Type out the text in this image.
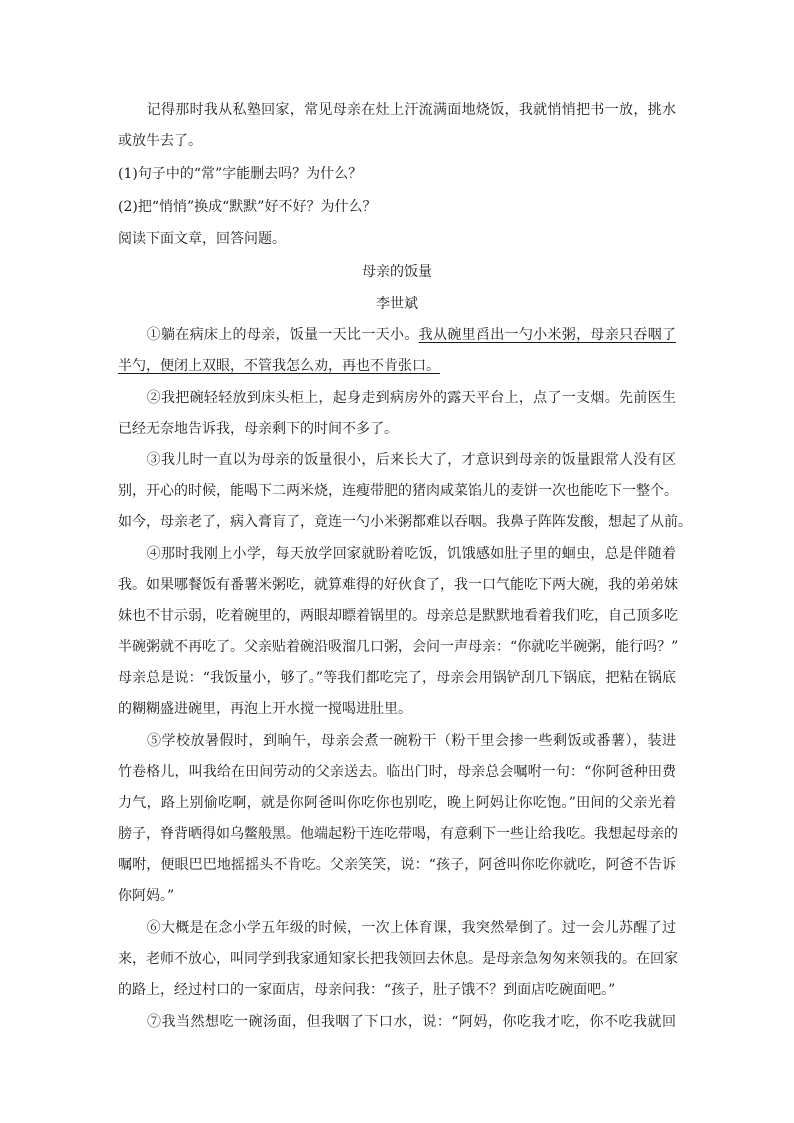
　　记得那时我从私塾回家，常见母亲在灶上汗流满面地烧饭，我就悄悄把书一放，挑水
或放牛去了。
(1)句子中的“常”字能删去吗？为什么？
(2)把“悄悄”换成“默默”好不好？为什么？
阅读下面文章，回答问题。
母亲的饭量
李世斌
　　①躺在病床上的母亲，饭量一天比一天小。我从碗里舀出一勺小米粥，母亲只吞咽了
半勺，便闭上双眼，不管我怎么劝，再也不肯张口。
　　②我把碗轻轻放到床头柜上，起身走到病房外的露天平台上，点了一支烟。先前医生
已经无奈地告诉我，母亲剩下的时间不多了。
　　③我儿时一直以为母亲的饭量很小，后来长大了，才意识到母亲的饭量跟常人没有区
别，开心的时候，能喝下二两米烧，连瘦带肥的猪肉咸菜馅儿的麦饼一次也能吃下一整个。
如今，母亲老了，病入膏肓了，竟连一勺小米粥都难以吞咽。我鼻子阵阵发酸，想起了从前。
　　④那时我刚上小学，每天放学回家就盼着吃饭，饥饿感如肚子里的蛔虫，总是伴随着
我。如果哪餐饭有番薯米粥吃，就算难得的好伙食了，我一口气能吃下两大碗，我的弟弟妹
妹也不甘示弱，吃着碗里的，两眼却瞟着锅里的。母亲总是默默地看着我们吃，自己顶多吃
半碗粥就不再吃了。父亲贴着碗沿吸溜几口粥，会问一声母亲：“你就吃半碗粥，能行吗？”
母亲总是说：“我饭量小，够了。”等我们都吃完了，母亲会用锅铲刮几下锅底，把粘在锅底
的糊糊盛进碗里，再泡上开水搅一搅喝进肚里。
　　⑤学校放暑假时，到晌午，母亲会煮一碗粉干（粉干里会掺一些剩饭或番薯），装进
竹卷格儿，叫我给在田间劳动的父亲送去。临出门时，母亲总会嘱咐一句：“你阿爸种田费
力气，路上别偷吃啊，就是你阿爸叫你吃你也别吃，晚上阿妈让你吃饱。”田间的父亲光着
膀子，脊背晒得如乌鳖般黑。他端起粉干连吃带喝，有意剩下一些让给我吃。我想起母亲的
嘱咐，便眼巴巴地摇摇头不肯吃。父亲笑笑，说：“孩子，阿爸叫你吃你就吃，阿爸不告诉
你阿妈。”
　　⑥大概是在念小学五年级的时候，一次上体育课，我突然晕倒了。过一会儿苏醒了过
来，老师不放心，叫同学到我家通知家长把我领回去休息。是母亲急匆匆来领我的。在回家
的路上，经过村口的一家面店，母亲问我：“孩子，肚子饿不？到面店吃碗面吧。”
　　⑦我当然想吃一碗汤面，但我咽了下口水，说：“阿妈，你吃我才吃，你不吃我就回
